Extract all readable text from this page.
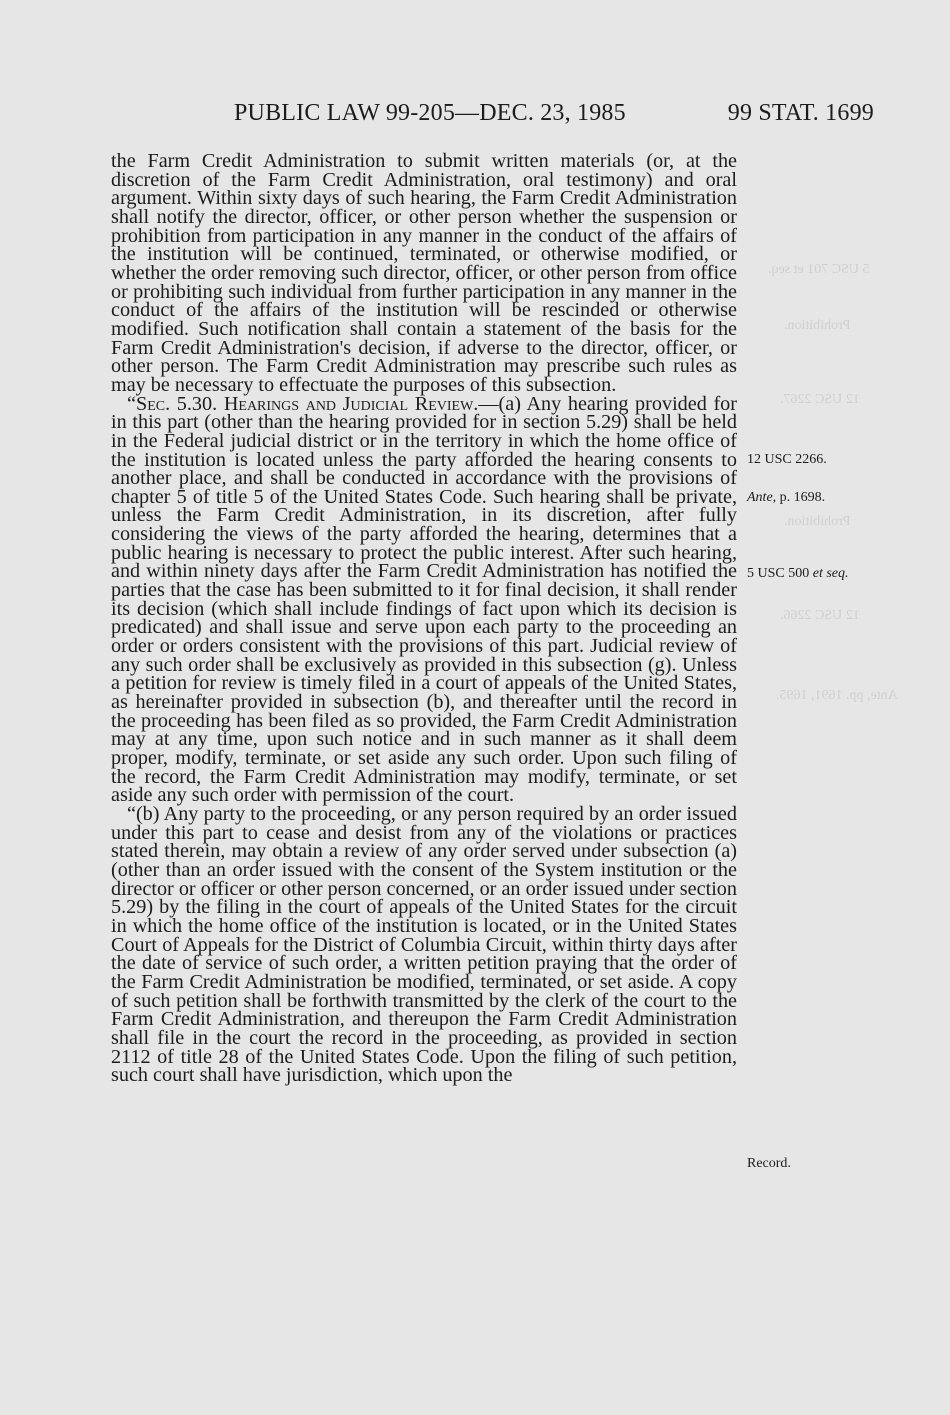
PUBLIC LAW 99-205—DEC. 23, 1985	99 STAT. 1699

the Farm Credit Administration to submit written materials (or, at the discretion of the Farm Credit Administration, oral testimony) and oral argument. Within sixty days of such hearing, the Farm Credit Administration shall notify the director, officer, or other person whether the suspension or prohibition from participation in any manner in the conduct of the affairs of the institution will be continued, terminated, or otherwise modified, or whether the order removing such director, officer, or other person from office or prohibiting such individual from further participation in any manner in the conduct of the affairs of the institution will be rescinded or otherwise modified. Such notification shall contain a statement of the basis for the Farm Credit Administration's decision, if adverse to the director, officer, or other person. The Farm Credit Administration may prescribe such rules as may be necessary to effectuate the purposes of this subsection.

“Sec. 5.30. Hearings and Judicial Review.—(a) Any hearing provided for in this part (other than the hearing provided for in section 5.29) shall be held in the Federal judicial district or in the territory in which the home office of the institution is located unless the party afforded the hearing consents to another place, and shall be conducted in accordance with the provisions of chapter 5 of title 5 of the United States Code. Such hearing shall be private, unless the Farm Credit Administration, in its discretion, after fully considering the views of the party afforded the hearing, determines that a public hearing is necessary to protect the public interest. After such hearing, and within ninety days after the Farm Credit Administration has notified the parties that the case has been submitted to it for final decision, it shall render its decision (which shall include findings of fact upon which its decision is predicated) and shall issue and serve upon each party to the proceeding an order or orders consistent with the provisions of this part. Judicial review of any such order shall be exclusively as provided in this subsection (g). Unless a petition for review is timely filed in a court of appeals of the United States, as hereinafter provided in subsection (b), and thereafter until the record in the proceeding has been filed as so provided, the Farm Credit Administration may at any time, upon such notice and in such manner as it shall deem proper, modify, terminate, or set aside any such order. Upon such filing of the record, the Farm Credit Administration may modify, terminate, or set aside any such order with permission of the court.

“(b) Any party to the proceeding, or any person required by an order issued under this part to cease and desist from any of the violations or practices stated therein, may obtain a review of any order served under subsection (a) (other than an order issued with the consent of the System institution or the director or officer or other person concerned, or an order issued under section 5.29) by the filing in the court of appeals of the United States for the circuit in which the home office of the institution is located, or in the United States Court of Appeals for the District of Columbia Circuit, within thirty days after the date of service of such order, a written petition praying that the order of the Farm Credit Administration be modified, terminated, or set aside. A copy of such petition shall be forthwith transmitted by the clerk of the court to the Farm Credit Administration, and thereupon the Farm Credit Administration shall file in the court the record in the proceeding, as provided in section 2112 of title 28 of the United States Code. Upon the filing of such petition, such court shall have jurisdiction, which upon the

12 USC 2266.
Ante, p. 1698.
5 USC 500 et seq.
Record.
5 USC 701 et seq.
Prohibition.
12 USC 2267.
Prohibition.
12 USC 2266.
Ante, pp. 1691, 1695.
